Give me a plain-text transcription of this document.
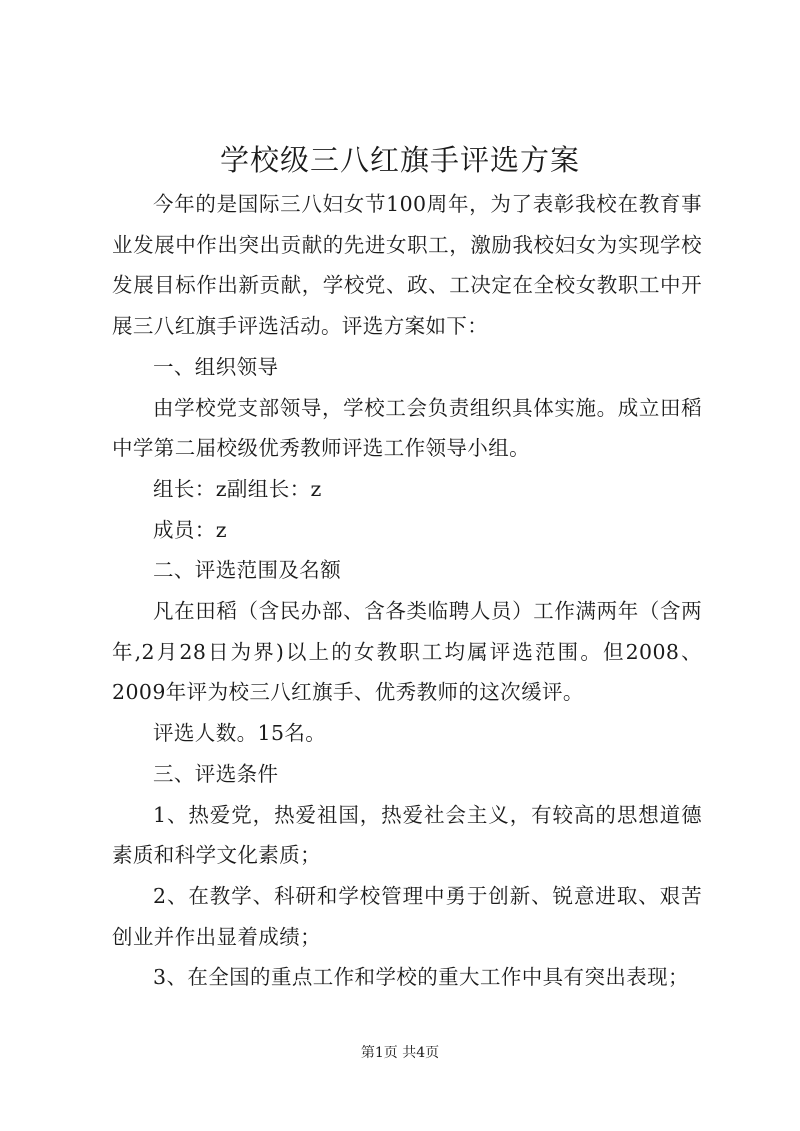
学校级三八红旗手评选方案

今年的是国际三八妇女节100周年，为了表彰我校在教育事业发展中作出突出贡献的先进女职工，激励我校妇女为实现学校发展目标作出新贡献，学校党、政、工决定在全校女教职工中开展三八红旗手评选活动。评选方案如下：

一、组织领导

由学校党支部领导，学校工会负责组织具体实施。成立田稻中学第二届校级优秀教师评选工作领导小组。

组长：z副组长：z

成员：z

二、评选范围及名额

凡在田稻（含民办部、含各类临聘人员）工作满两年（含两年,2月28日为界)以上的女教职工均属评选范围。但2008、2009年评为校三八红旗手、优秀教师的这次缓评。

评选人数。15名。

三、评选条件

1、热爱党，热爱祖国，热爱社会主义，有较高的思想道德素质和科学文化素质；

2、在教学、科研和学校管理中勇于创新、锐意进取、艰苦创业并作出显着成绩；

3、在全国的重点工作和学校的重大工作中具有突出表现；

第1页 共4页
